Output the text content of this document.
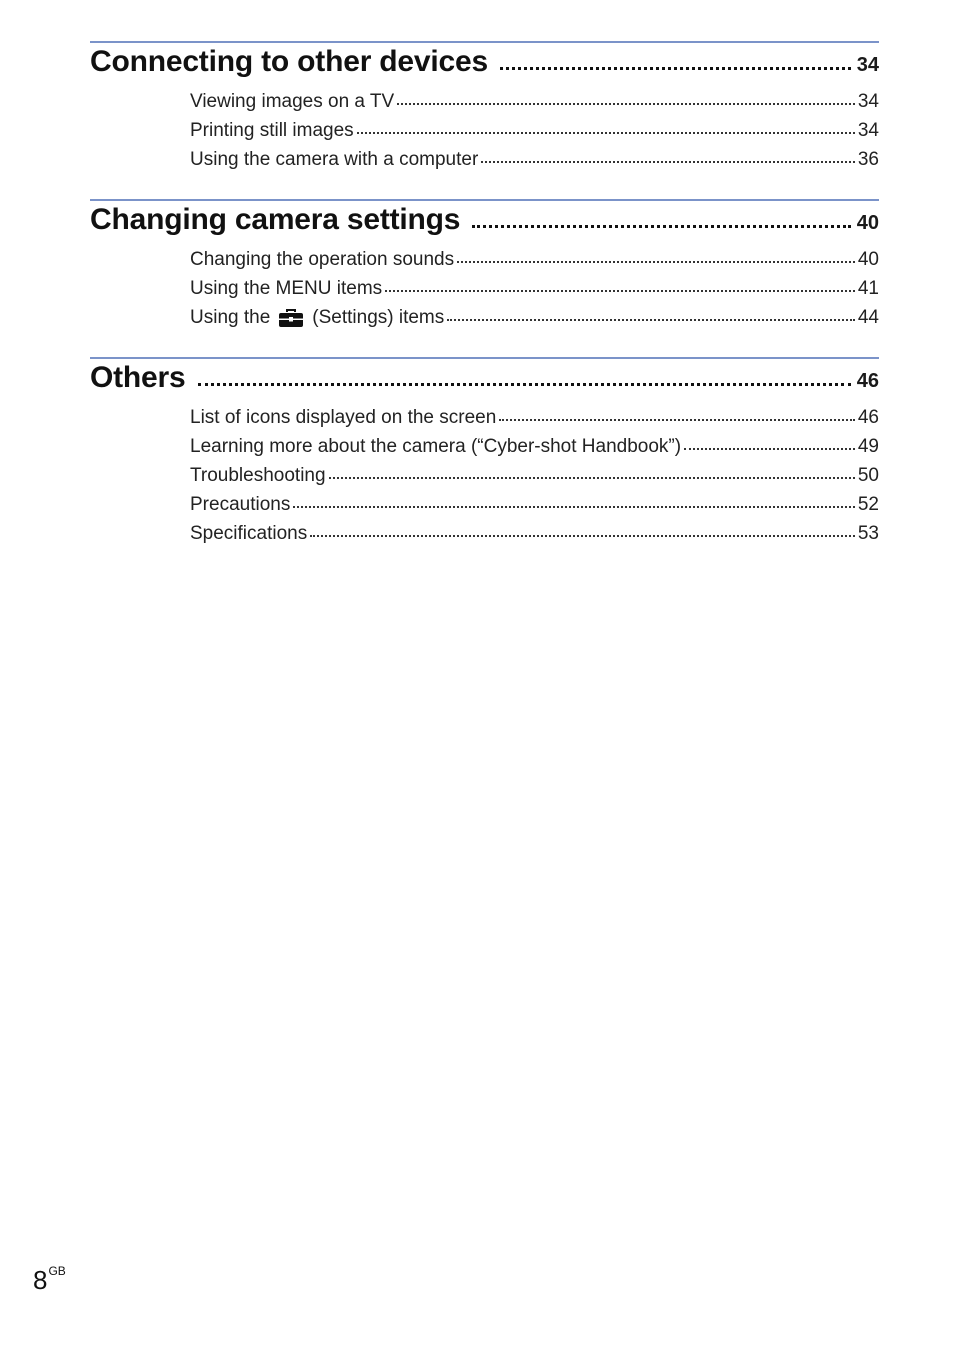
Connecting to other devices	34
Viewing images on a TV	34
Printing still images	34
Using the camera with a computer	36
Changing camera settings	40
Changing the operation sounds	40
Using the MENU items	41
Using the (Settings) items	44
Others	46
List of icons displayed on the screen	46
Learning more about the camera (“Cyber-shot Handbook”)	49
Troubleshooting	50
Precautions	52
Specifications	53
$8^{GB}$
